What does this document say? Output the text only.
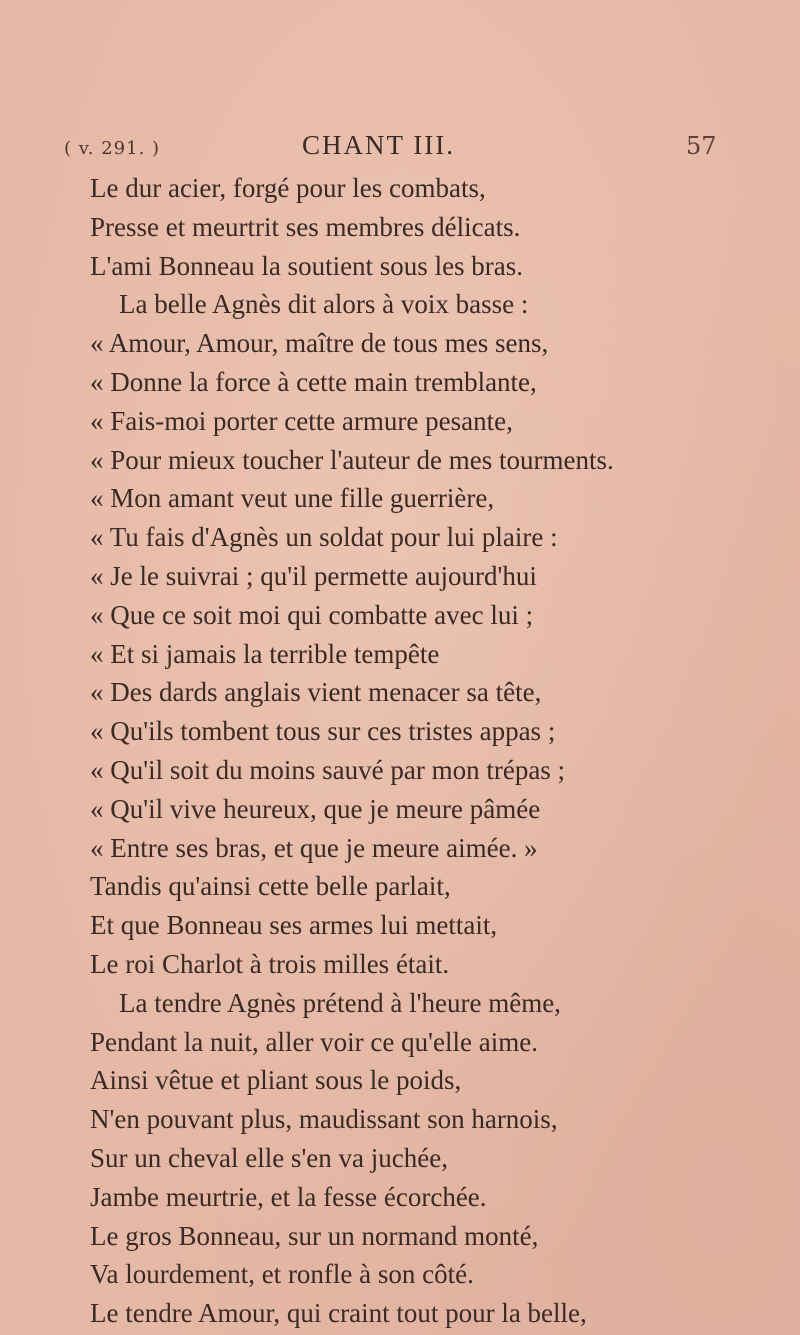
( v. 291. )	CHANT III.	57
Le dur acier, forgé pour les combats,
Presse et meurtrit ses membres délicats.
L'ami Bonneau la soutient sous les bras.
La belle Agnès dit alors à voix basse :
« Amour, Amour, maître de tous mes sens,
« Donne la force à cette main tremblante,
« Fais-moi porter cette armure pesante,
« Pour mieux toucher l'auteur de mes tourments.
« Mon amant veut une fille guerrière,
« Tu fais d'Agnès un soldat pour lui plaire :
« Je le suivrai ; qu'il permette aujourd'hui
« Que ce soit moi qui combatte avec lui ;
« Et si jamais la terrible tempête
« Des dards anglais vient menacer sa tête,
« Qu'ils tombent tous sur ces tristes appas ;
« Qu'il soit du moins sauvé par mon trépas ;
« Qu'il vive heureux, que je meure pâmée
« Entre ses bras, et que je meure aimée. »
Tandis qu'ainsi cette belle parlait,
Et que Bonneau ses armes lui mettait,
Le roi Charlot à trois milles était.
La tendre Agnès prétend à l'heure même,
Pendant la nuit, aller voir ce qu'elle aime.
Ainsi vêtue et pliant sous le poids,
N'en pouvant plus, maudissant son harnois,
Sur un cheval elle s'en va juchée,
Jambe meurtrie, et la fesse écorchée.
Le gros Bonneau, sur un normand monté,
Va lourdement, et ronfle à son côté.
Le tendre Amour, qui craint tout pour la belle,
